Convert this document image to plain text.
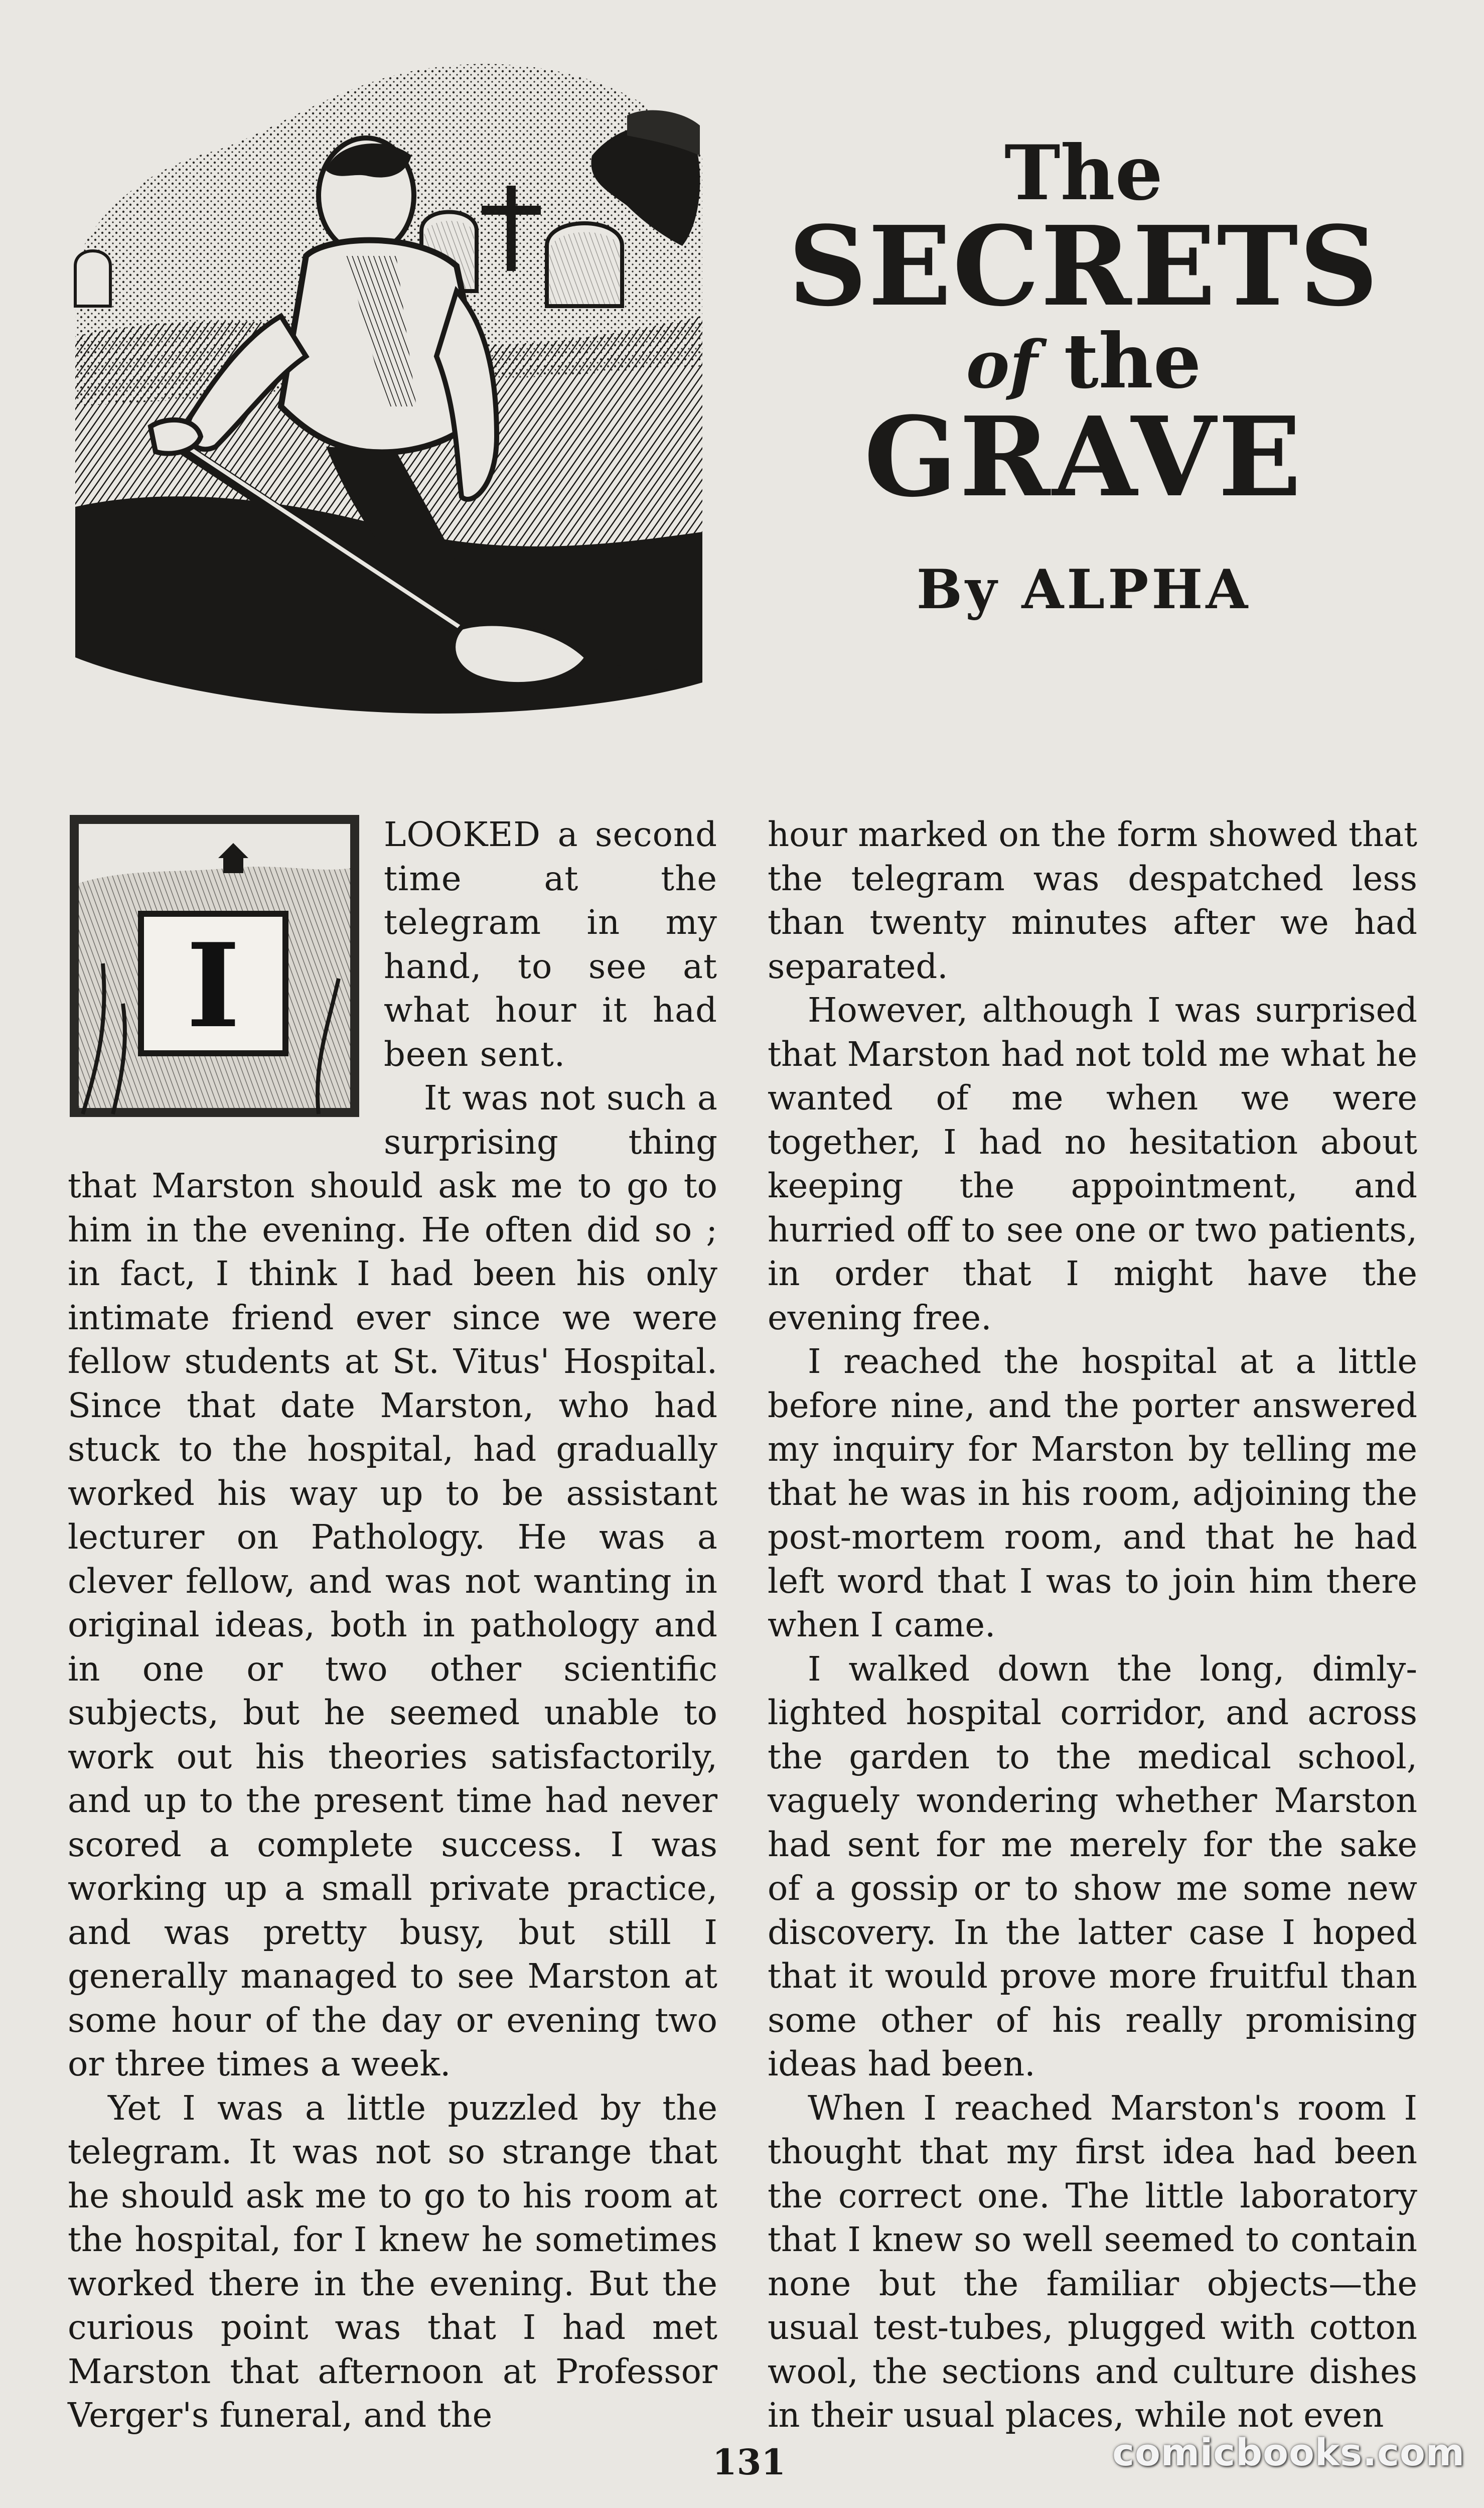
O.H.d
The
SECRETS
of the
GRAVE
By ALPHA
I

LOOKED a second time at the telegram in my hand, to see at what hour it had been sent.

It was not such a surprising thing that Marston should ask me to go to him in the evening. He often did so ; in fact, I think I had been his only intimate friend ever since we were fellow students at St. Vitus' Hospital. Since that date Marston, who had stuck to the hospital, had gradually worked his way up to be assistant lecturer on Pathology. He was a clever fellow, and was not wanting in original ideas, both in pathology and in one or two other scientific subjects, but he seemed unable to work out his theories satisfactorily, and up to the present time had never scored a complete success. I was working up a small private practice, and was pretty busy, but still I generally managed to see Marston at some hour of the day or evening two or three times a week.

Yet I was a little puzzled by the telegram. It was not so strange that he should ask me to go to his room at the hospital, for I knew he sometimes worked there in the evening. But the curious point was that I had met Marston that afternoon at Professor Verger's funeral, and the

hour marked on the form showed that the telegram was despatched less than twenty minutes after we had separated.

However, although I was surprised that Marston had not told me what he wanted of me when we were together, I had no hesitation about keeping the appointment, and hurried off to see one or two patients, in order that I might have the evening free.

I reached the hospital at a little before nine, and the porter answered my inquiry for Marston by telling me that he was in his room, adjoining the post-mortem room, and that he had left word that I was to join him there when I came.

I walked down the long, dimly-lighted hospital corridor, and across the garden to the medical school, vaguely wondering whether Marston had sent for me merely for the sake of a gossip or to show me some new discovery. In the latter case I hoped that it would prove more fruitful than some other of his really promising ideas had been.

When I reached Marston's room I thought that my first idea had been the correct one. The little laboratory that I knew so well seemed to contain none but the familiar objects—the usual test-tubes, plugged with cotton wool, the sections and culture dishes in their usual places, while not even

131	comicbooks.com
